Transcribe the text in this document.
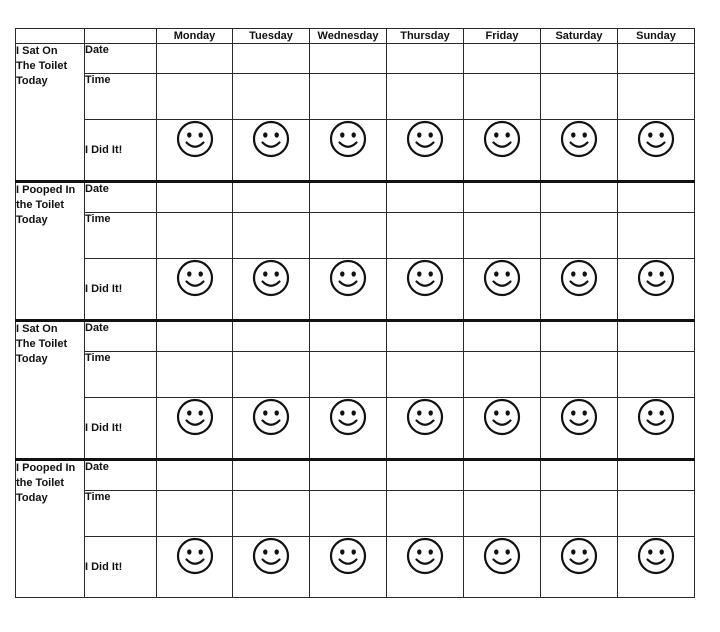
		Monday	Tuesday	Wednesday	Thursday	Friday	Saturday	Sunday

I Sat On
The Toilet
Today	Date							
	Time							
	I Did It!	

I Pooped In
the Toilet
Today	Date							
	Time							
	I Did It!	

I Sat On
The Toilet
Today	Date							
	Time							
	I Did It!	

I Pooped In
the Toilet
Today	Date							
	Time							
	I Did It!	
